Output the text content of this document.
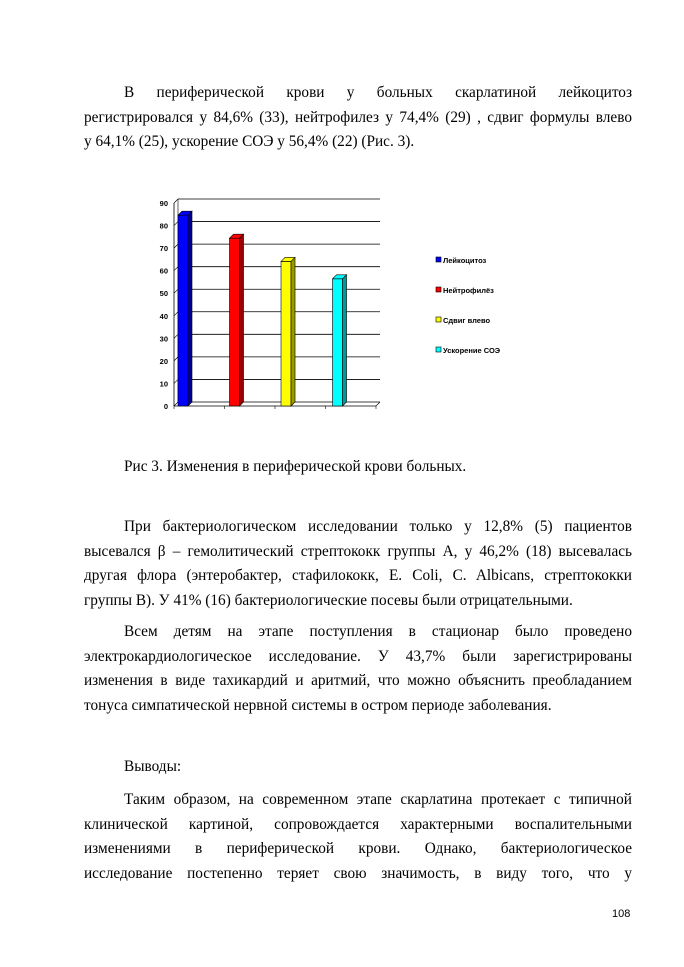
В периферической крови у больных скарлатиной лейкоцитоз
регистрировался у 84,6% (33), нейтрофилез у 74,4% (29) , сдвиг формулы влево
у 64,1% (25), ускорение СОЭ у 56,4% (22) (Рис. 3).
0
10
20
30
40
50
60
70
80
90
Лейкоцитоз
Нейтрофилёз
Сдвиг влево
Ускорение СОЭ

Рис 3. Изменения в периферической крови больных.

При бактериологическом исследовании только у 12,8% (5) пациентов
высевался β – гемолитический стрептококк группы А, у 46,2% (18) высевалась
другая флора (энтеробактер, стафилококк, E. Coli, C. Albicans, стрептококки
группы В). У 41% (16) бактериологические посевы были отрицательными.
Всем детям на этапе поступления в стационар было проведено
электрокардиологическое исследование. У 43,7% были зарегистрированы
изменения в виде тахикардий и аритмий, что можно объяснить преобладанием
тонуса симпатической нервной системы в остром периоде заболевания.

Выводы:

Таким образом, на современном этапе скарлатина протекает с типичной
клинической картиной, сопровождается характерными воспалительными
изменениями в периферической крови. Однако, бактериологическое
исследование постепенно теряет свою значимость, в виду того, что у
108
